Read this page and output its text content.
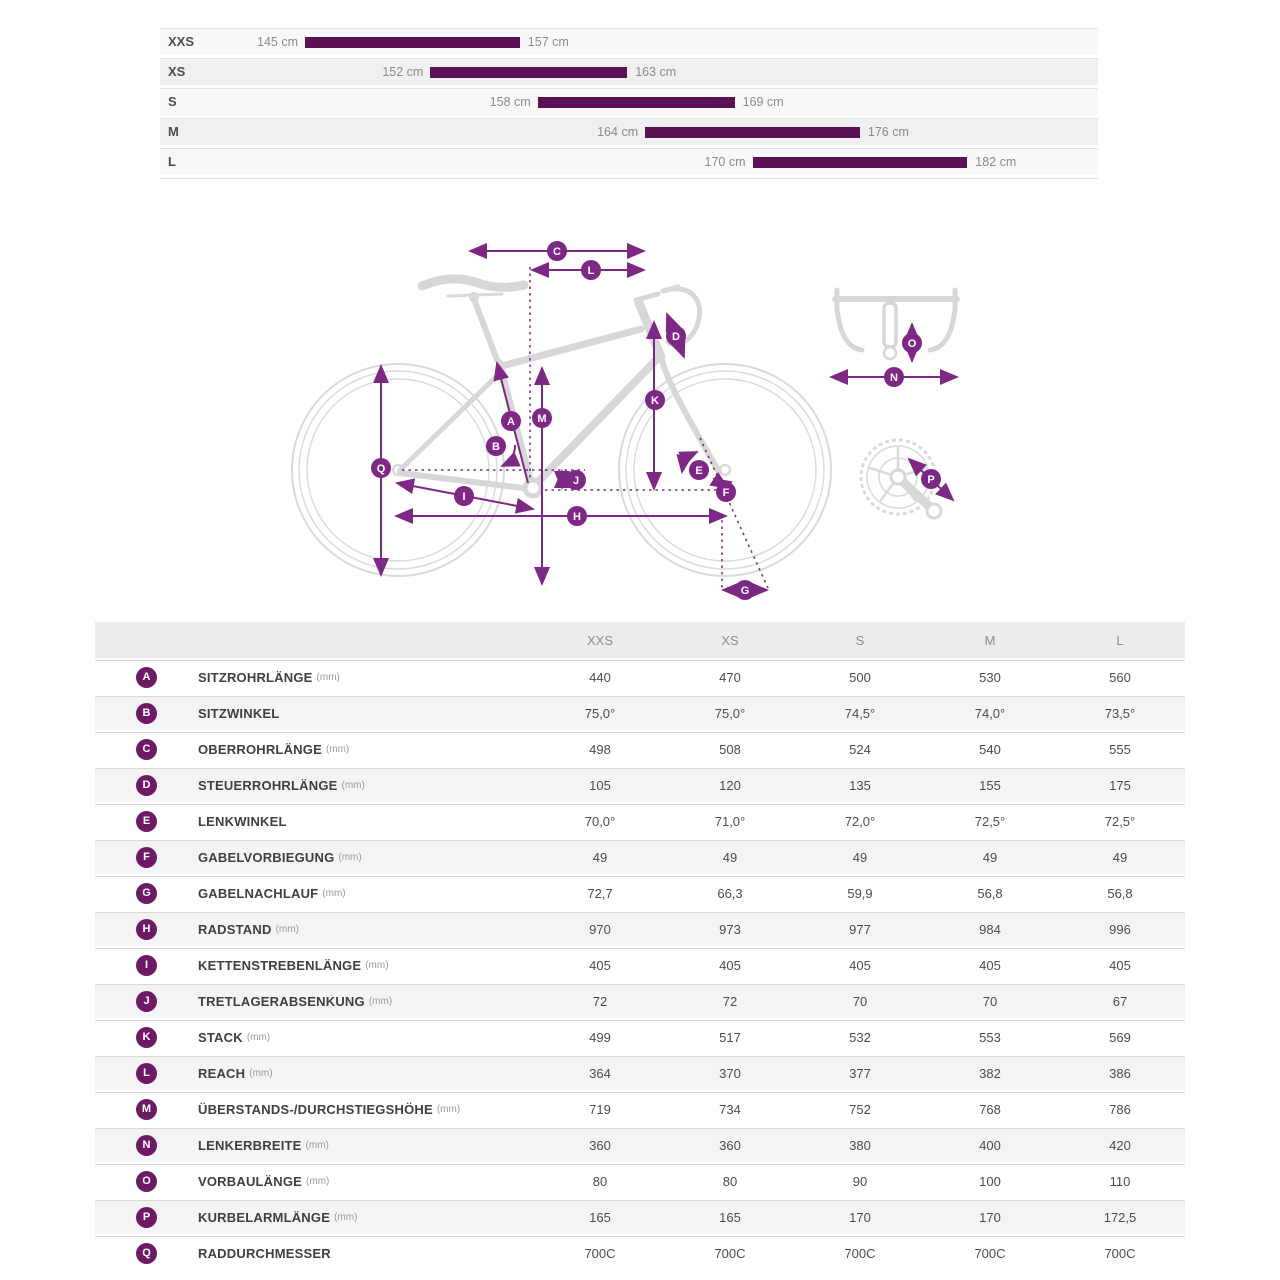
XXS	145 cm	157 cm
XS	152 cm	163 cm
S	158 cm	169 cm
M	164 cm	176 cm
L	170 cm	182 cm
A
B
C
D
E
F
G
H
I
J
K
L
M
N
O
P
Q
XXS	XS	S	M	L
A	SITZROHRLÄNGE (mm)	440	470	500	530	560
B	SITZWINKEL	75,0°	75,0°	74,5°	74,0°	73,5°
C	OBERROHRLÄNGE (mm)	498	508	524	540	555
D	STEUERROHRLÄNGE (mm)	105	120	135	155	175
E	LENKWINKEL	70,0°	71,0°	72,0°	72,5°	72,5°
F	GABELVORBIEGUNG (mm)	49	49	49	49	49
G	GABELNACHLAUF (mm)	72,7	66,3	59,9	56,8	56,8
H	RADSTAND (mm)	970	973	977	984	996
I	KETTENSTREBENLÄNGE (mm)	405	405	405	405	405
J	TRETLAGERABSENKUNG (mm)	72	72	70	70	67
K	STACK (mm)	499	517	532	553	569
L	REACH (mm)	364	370	377	382	386
M	ÜBERSTANDS-/DURCHSTIEGSHÖHE (mm)	719	734	752	768	786
N	LENKERBREITE (mm)	360	360	380	400	420
O	VORBAULÄNGE (mm)	80	80	90	100	110
P	KURBELARMLÄNGE (mm)	165	165	170	170	172,5
Q	RADDURCHMESSER	700C	700C	700C	700C	700C
